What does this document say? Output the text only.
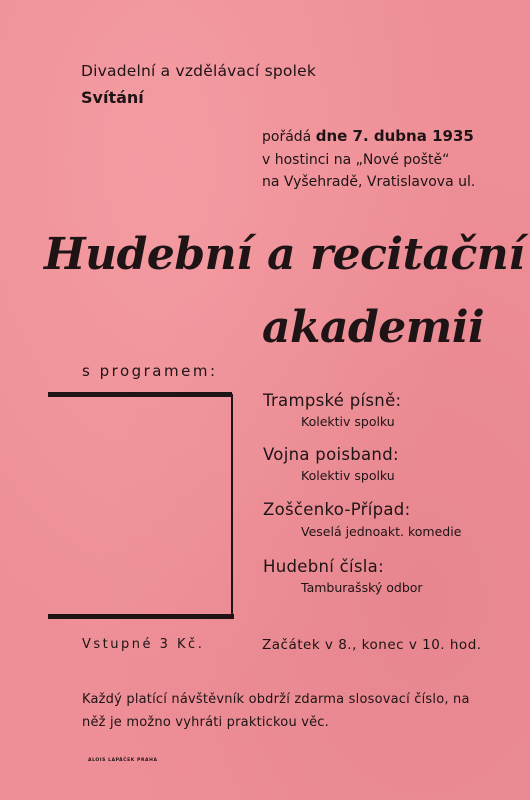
Divadelní a vzdělávací spolek
Svítání
pořádá dne 7. dubna 1935
v hostinci na „Nové poště“
na Vyšehradě, Vratislavova ul.
Hudební a recitační
akademii
s programem:
Trampské písně:
Kolektiv spolku
Vojna poisband:
Kolektiv spolku
Zoščenko-Případ:
Veselá jednoakt. komedie
Hudební čísla:
Tamburašský odbor
Vstupné 3 Kč.	Začátek v 8., konec v 10. hod.
Každý platící návštěvník obdrží zdarma slosovací číslo, na
něž je možno vyhráti praktickou věc.
ALOIS LAPÁČEK PRAHA
